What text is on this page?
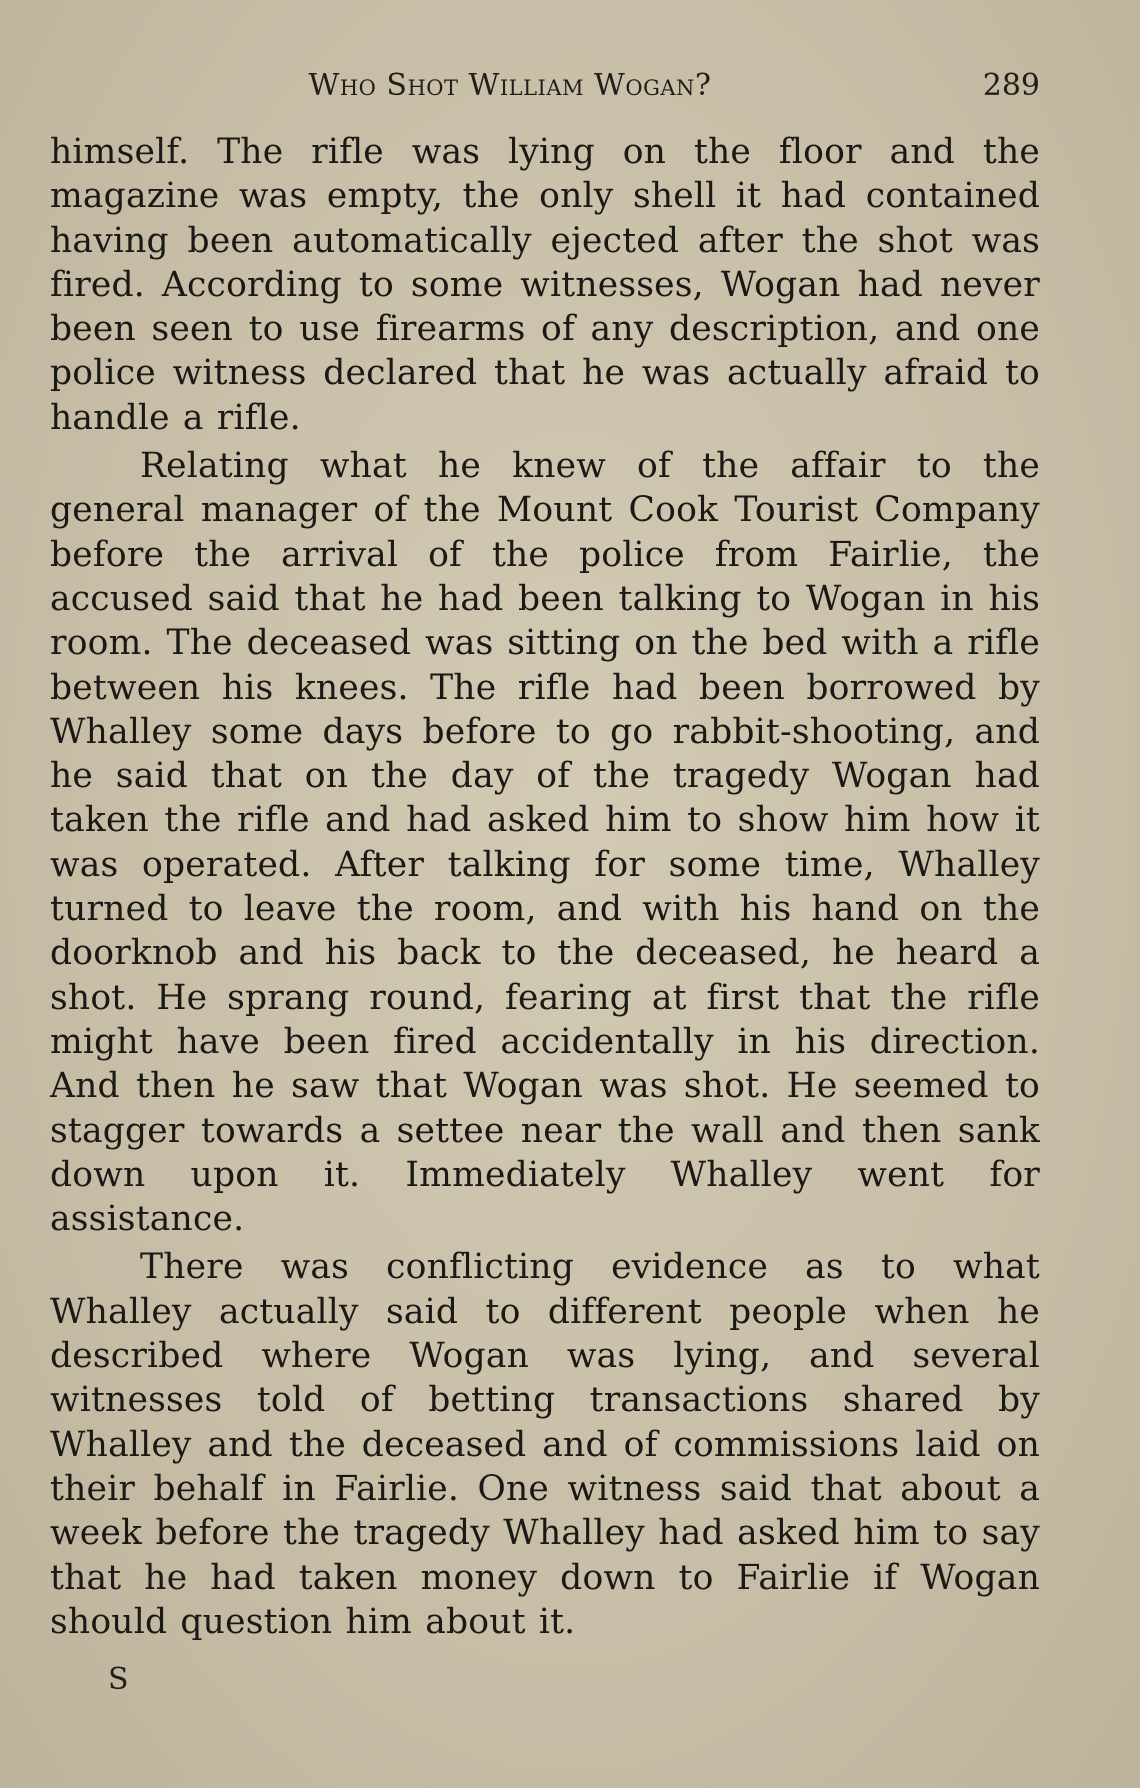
Who Shot William Wogan?	289

himself. The rifle was lying on the floor and the magazine was empty, the only shell it had contained having been automatically ejected after the shot was fired. According to some witnesses, Wogan had never been seen to use firearms of any description, and one police witness declared that he was actually afraid to handle a rifle.

Relating what he knew of the affair to the general manager of the Mount Cook Tourist Company before the arrival of the police from Fairlie, the accused said that he had been talking to Wogan in his room. The deceased was sitting on the bed with a rifle between his knees. The rifle had been borrowed by Whalley some days before to go rabbit-shooting, and he said that on the day of the tragedy Wogan had taken the rifle and had asked him to show him how it was operated. After talking for some time, Whalley turned to leave the room, and with his hand on the doorknob and his back to the deceased, he heard a shot. He sprang round, fearing at first that the rifle might have been fired accidentally in his direction. And then he saw that Wogan was shot. He seemed to stagger towards a settee near the wall and then sank down upon it. Immediately Whalley went for assistance.

There was conflicting evidence as to what Whalley actually said to different people when he described where Wogan was lying, and several witnesses told of betting transactions shared by Whalley and the deceased and of commissions laid on their behalf in Fairlie. One witness said that about a week before the tragedy Whalley had asked him to say that he had taken money down to Fairlie if Wogan should question him about it.

S
